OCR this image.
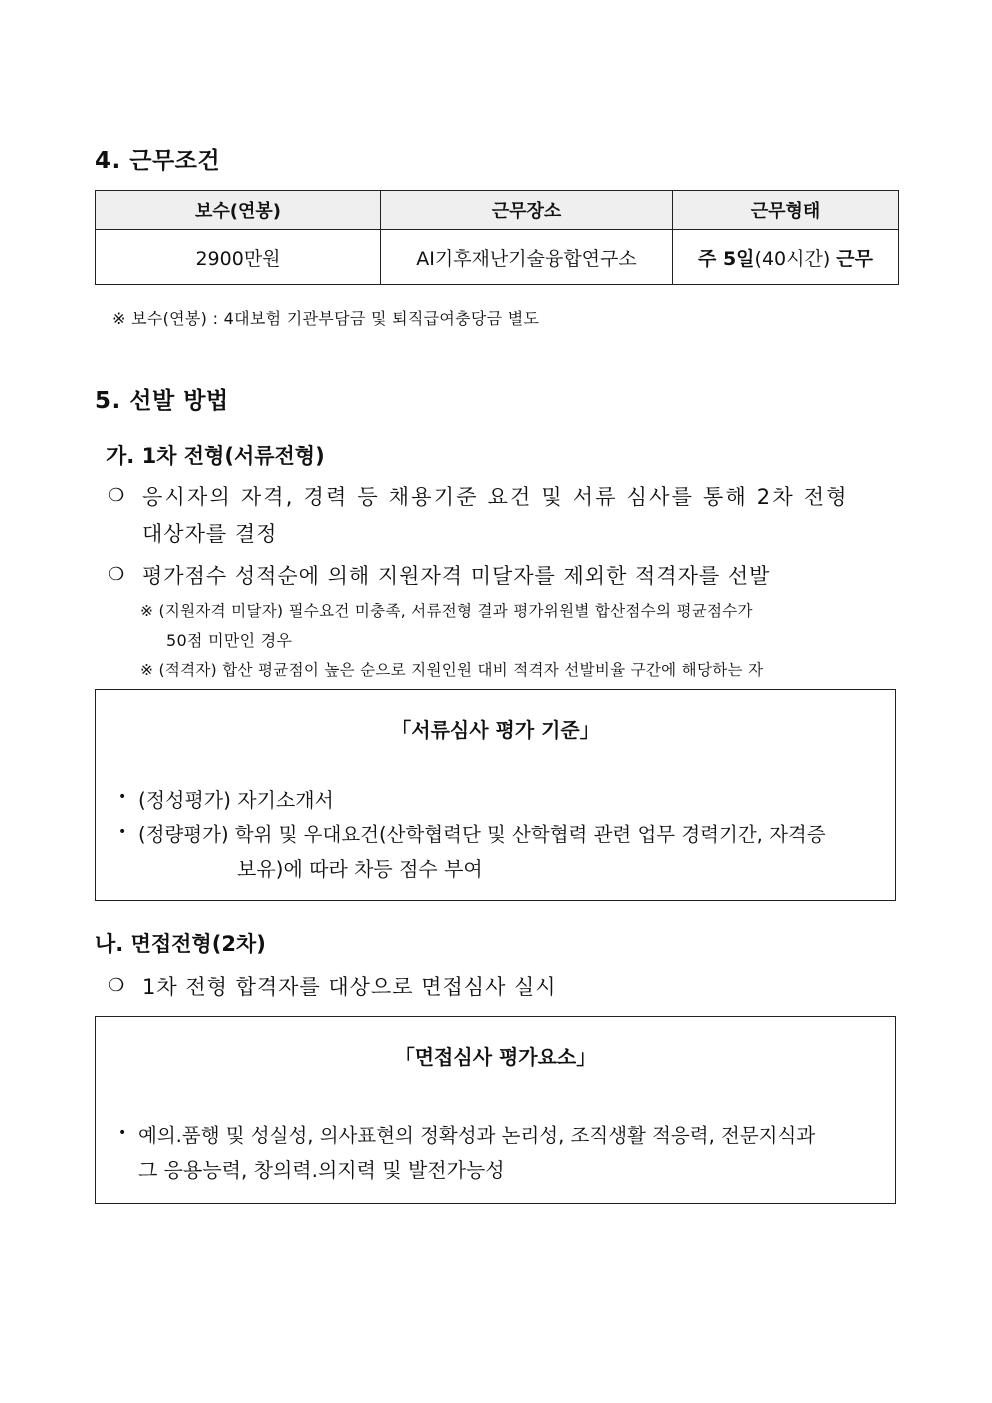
4. 근무조건
보수(연봉)	근무장소	근무형태
2900만원	AI기후재난기술융합연구소	주 5일(40시간) 근무
※ 보수(연봉) : 4대보험 기관부담금 및 퇴직급여충당금 별도
5. 선발 방법
가. 1차 전형(서류전형)
❍ 응시자의 자격, 경력 등 채용기준 요건 및 서류 심사를 통해 2차 전형
대상자를 결정
❍ 평가점수 성적순에 의해 지원자격 미달자를 제외한 적격자를 선발
※ (지원자격 미달자) 필수요건 미충족, 서류전형 결과 평가위원별 합산점수의 평균점수가
50점 미만인 경우
※ (적격자) 합산 평균점이 높은 순으로 지원인원 대비 적격자 선발비율 구간에 해당하는 자
「서류심사 평가 기준」
• (정성평가) 자기소개서
• (정량평가) 학위 및 우대요건(산학협력단 및 산학협력 관련 업무 경력기간, 자격증
보유)에 따라 차등 점수 부여
나. 면접전형(2차)
❍ 1차 전형 합격자를 대상으로 면접심사 실시
「면접심사 평가요소」
• 예의.품행 및 성실성, 의사표현의 정확성과 논리성, 조직생활 적응력, 전문지식과
그 응용능력, 창의력.의지력 및 발전가능성
